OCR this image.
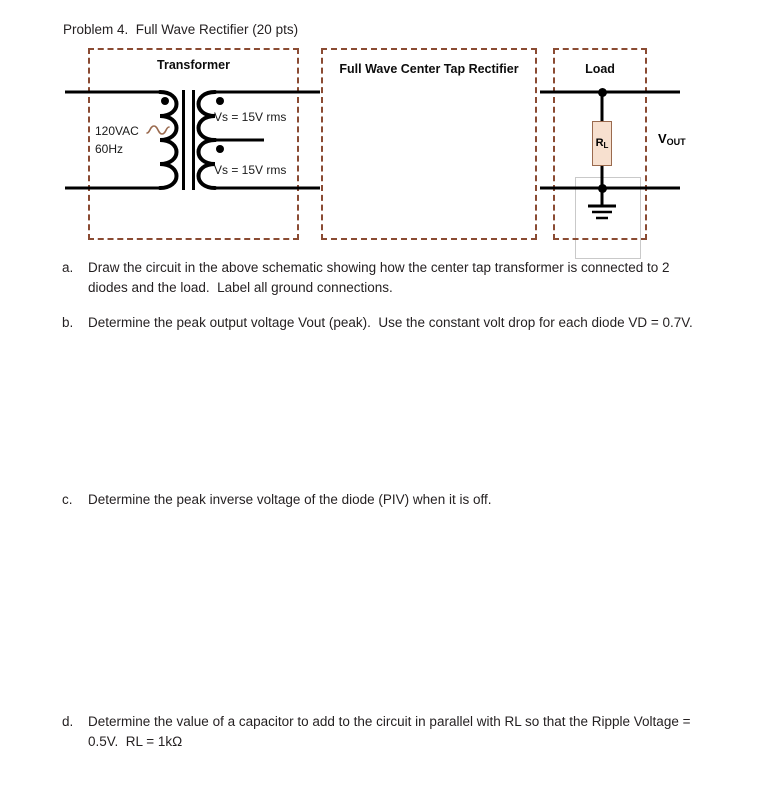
Problem 4.  Full Wave Rectifier (20 pts)
Transformer	Full Wave Center Tap Rectifier	Load
120VAC
60Hz
Vs = 15V rms
Vs = 15V rms
$R_L$	$V_{OUT}$
a.	Draw the circuit in the above schematic showing how the center tap transformer is connected to 2 diodes and the load.  Label all ground connections.
b.	Determine the peak output voltage Vout (peak).  Use the constant volt drop for each diode VD = 0.7V.
c.	Determine the peak inverse voltage of the diode (PIV) when it is off.
d.	Determine the value of a capacitor to add to the circuit in parallel with RL so that the Ripple Voltage = 0.5V.  RL = 1kΩ
